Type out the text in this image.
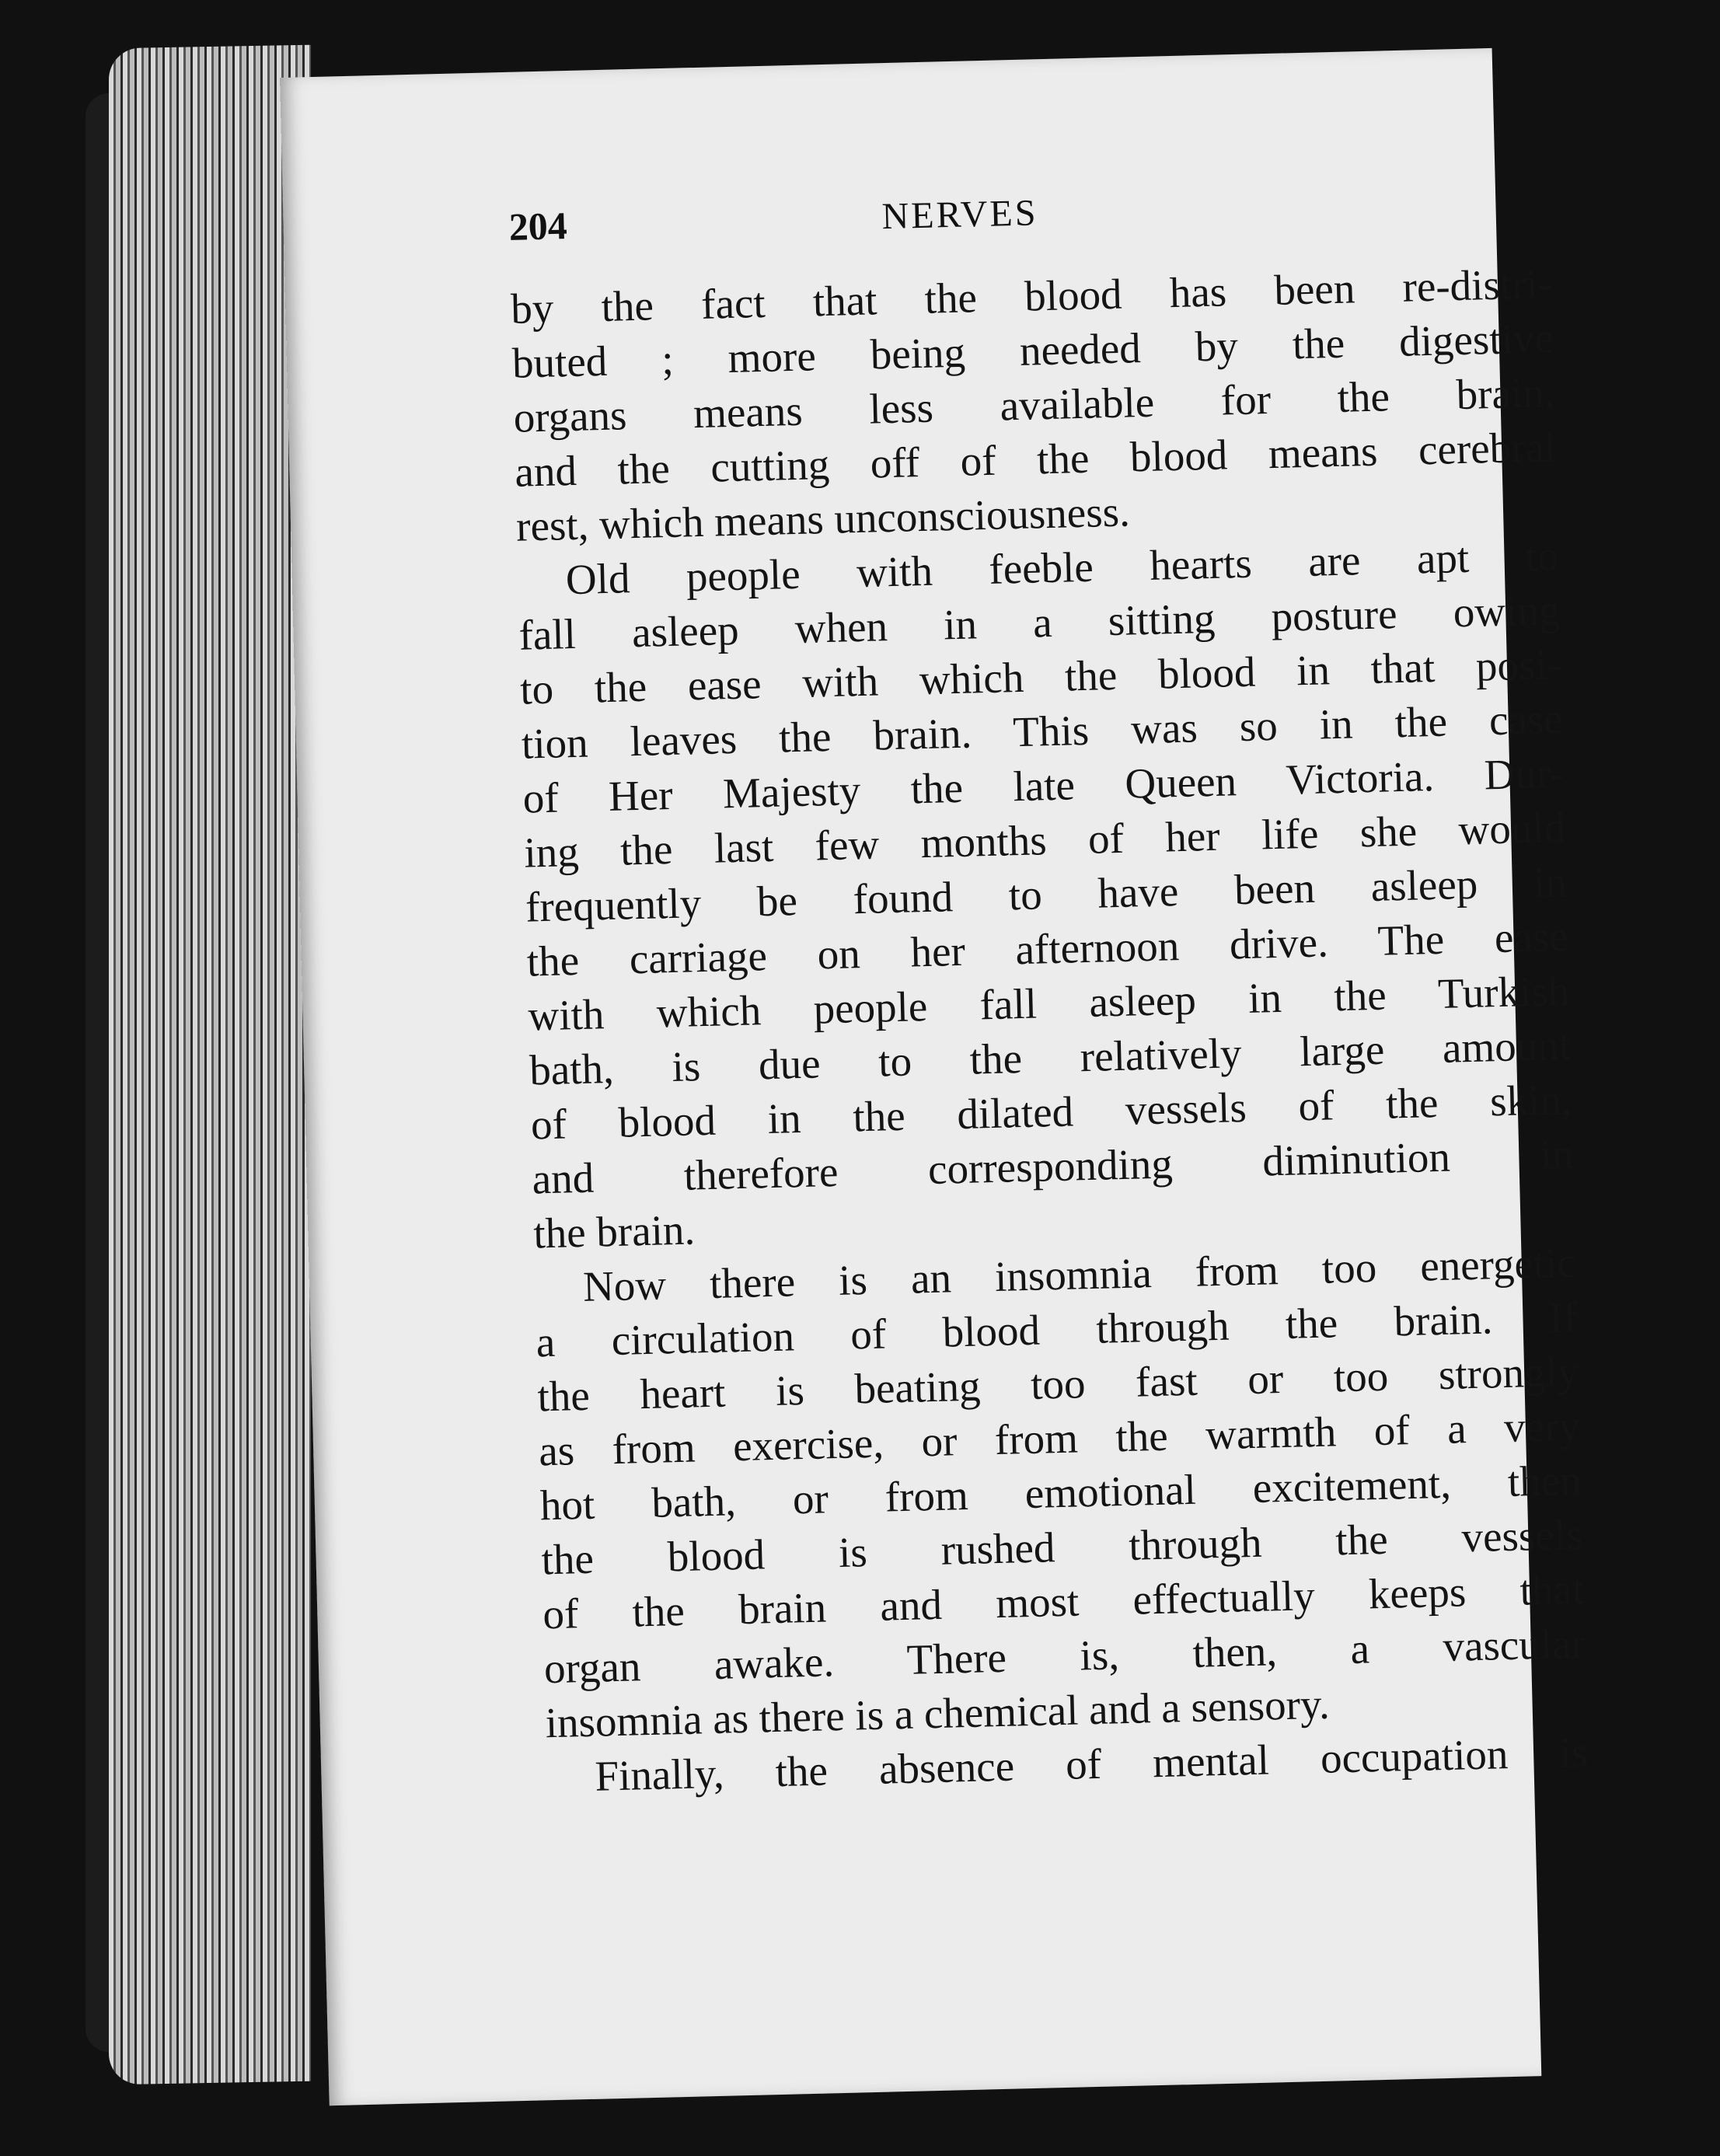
204	NERVES

by the fact that the blood has been re-distri-
buted ; more being needed by the digestive
organs means less available for the brain,
and the cutting off of the blood means cerebral
rest, which means unconsciousness.

Old people with feeble hearts are apt to
fall asleep when in a sitting posture owing
to the ease with which the blood in that posi-
tion leaves the brain. This was so in the case
of Her Majesty the late Queen Victoria. Dur-
ing the last few months of her life she would
frequently be found to have been asleep in
the carriage on her afternoon drive. The ease
with which people fall asleep in the Turkish
bath, is due to the relatively large amount
of blood in the dilated vessels of the skin,
and therefore corresponding diminution in
the brain.

Now there is an insomnia from too energetic
a circulation of blood through the brain. If
the heart is beating too fast or too strongly
as from exercise, or from the warmth of a very
hot bath, or from emotional excitement, then
the blood is rushed through the vessels
of the brain and most effectually keeps that
organ awake. There is, then, a vascular
insomnia as there is a chemical and a sensory.

Finally, the absence of mental occupation is
